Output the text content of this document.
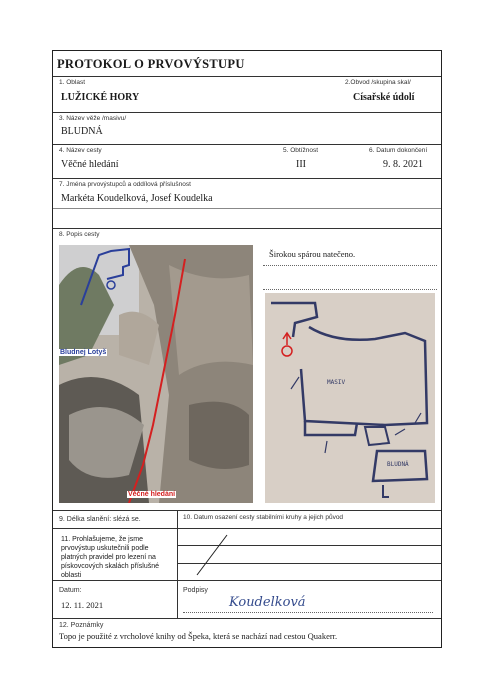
PROTOKOL O PRVOVÝSTUPU
1. Oblast
LUŽICKÉ HORY
2.Obvod /skupina skal/
Císařské údolí
3. Název věže /masivu/
BLUDNÁ
4. Název cesty
Věčné hledání
5. Obtížnost
III
6. Datum dokončení
9. 8. 2021
7. Jména prvovýstupců a oddílová příslušnost
Markéta Koudelková, Josef Koudelka
8. Popis cesty
Širokou spárou natečeno.
Bludnej Lotyš
Věčné hledání
MASIV
BLUDNÁ
9. Délka slanění: slézá se.	10. Datum osazení cesty stabilními kruhy a jejich původ
11. Prohlašujeme, že jsme prvovýstup uskutečnili podle platných pravidel pro lezení na pískovcových skalách příslušné oblasti
Datum:
12. 11. 2021
Podpisy
Koudelková
12. Poznámky
Topo je použité z vrcholové knihy od Špeka, která se nachází nad cestou Quakerr.
